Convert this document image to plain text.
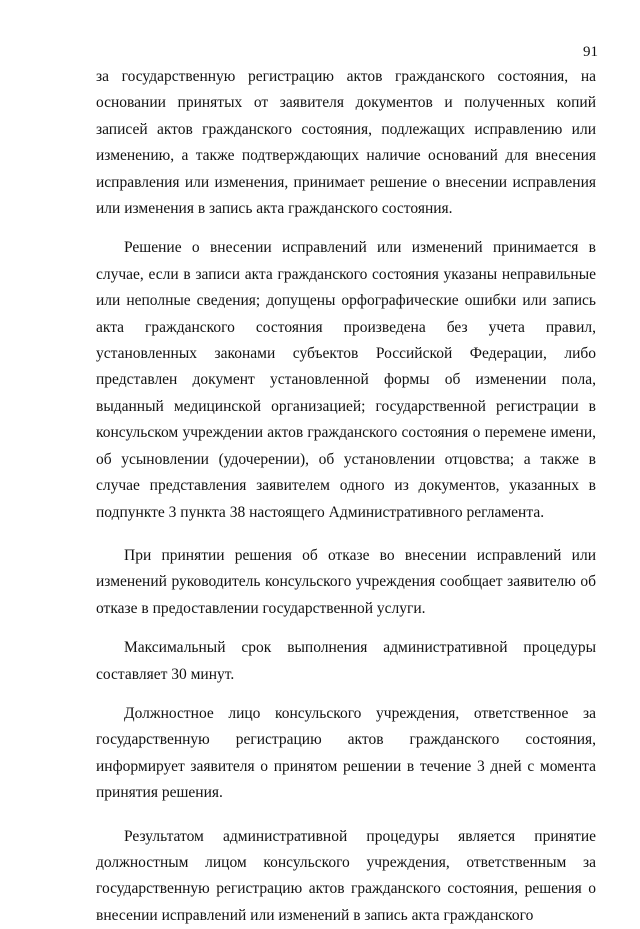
91

за государственную регистрацию актов гражданского состояния, на основании принятых от заявителя документов и полученных копий записей актов гражданского состояния, подлежащих исправлению или изменению, а также подтверждающих наличие оснований для внесения исправления или изменения, принимает решение о внесении исправления или изменения в запись акта гражданского состояния.

Решение о внесении исправлений или изменений принимается в случае, если в записи акта гражданского состояния указаны неправильные или неполные сведения; допущены орфографические ошибки или запись акта гражданского состояния произведена без учета правил, установленных законами субъектов Российской Федерации, либо представлен документ установленной формы об изменении пола, выданный медицинской организацией; государственной регистрации в консульском учреждении актов гражданского состояния о перемене имени, об усыновлении (удочерении), об установлении отцовства; а также в случае представления заявителем одного из документов, указанных в подпункте 3 пункта 38 настоящего Административного регламента.

При принятии решения об отказе во внесении исправлений или изменений руководитель консульского учреждения сообщает заявителю об отказе в предоставлении государственной услуги.

Максимальный срок выполнения административной процедуры составляет 30 минут.

Должностное лицо консульского учреждения, ответственное за государственную регистрацию актов гражданского состояния, информирует заявителя о принятом решении в течение 3 дней с момента принятия решения.

Результатом административной процедуры является принятие должностным лицом консульского учреждения, ответственным за государственную регистрацию актов гражданского состояния, решения о внесении исправлений или изменений в запись акта гражданского
